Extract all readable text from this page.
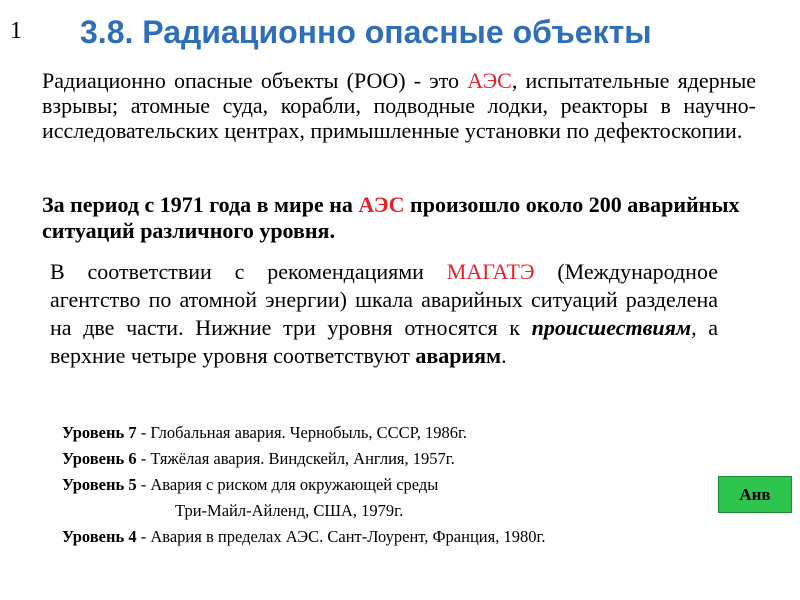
1 3.8. Радиационно опасные объекты
Радиационно опасные объекты (РОО) - это АЭС, испытательные ядерные взрывы; атомные суда, корабли, подводные лодки, реакторы в научно-исследовательских центрах, примышленные установки по дефектоскопии.
За период с 1971 года в мире на АЭС произошло около 200 аварийных ситуаций различного уровня.
В соответствии с рекомендациями МАГАТЭ (Международное агентство по атомной энергии) шкала аварийных ситуаций разделена на две части. Нижние три уровня относятся к происшествиям, а верхние четыре уровня соответствуют авариям.
Уровень 7 - Глобальная авария. Чернобыль, СССР, 1986г.
Уровень 6 - Тяжёлая авария. Виндскейл, Англия, 1957г.
Уровень 5 - Авария с риском для окружающей среды
Три-Майл-Айленд, США, 1979г.
Уровень 4 - Авария в пределах АЭС. Сант-Лоурент, Франция, 1980г.
Анв
